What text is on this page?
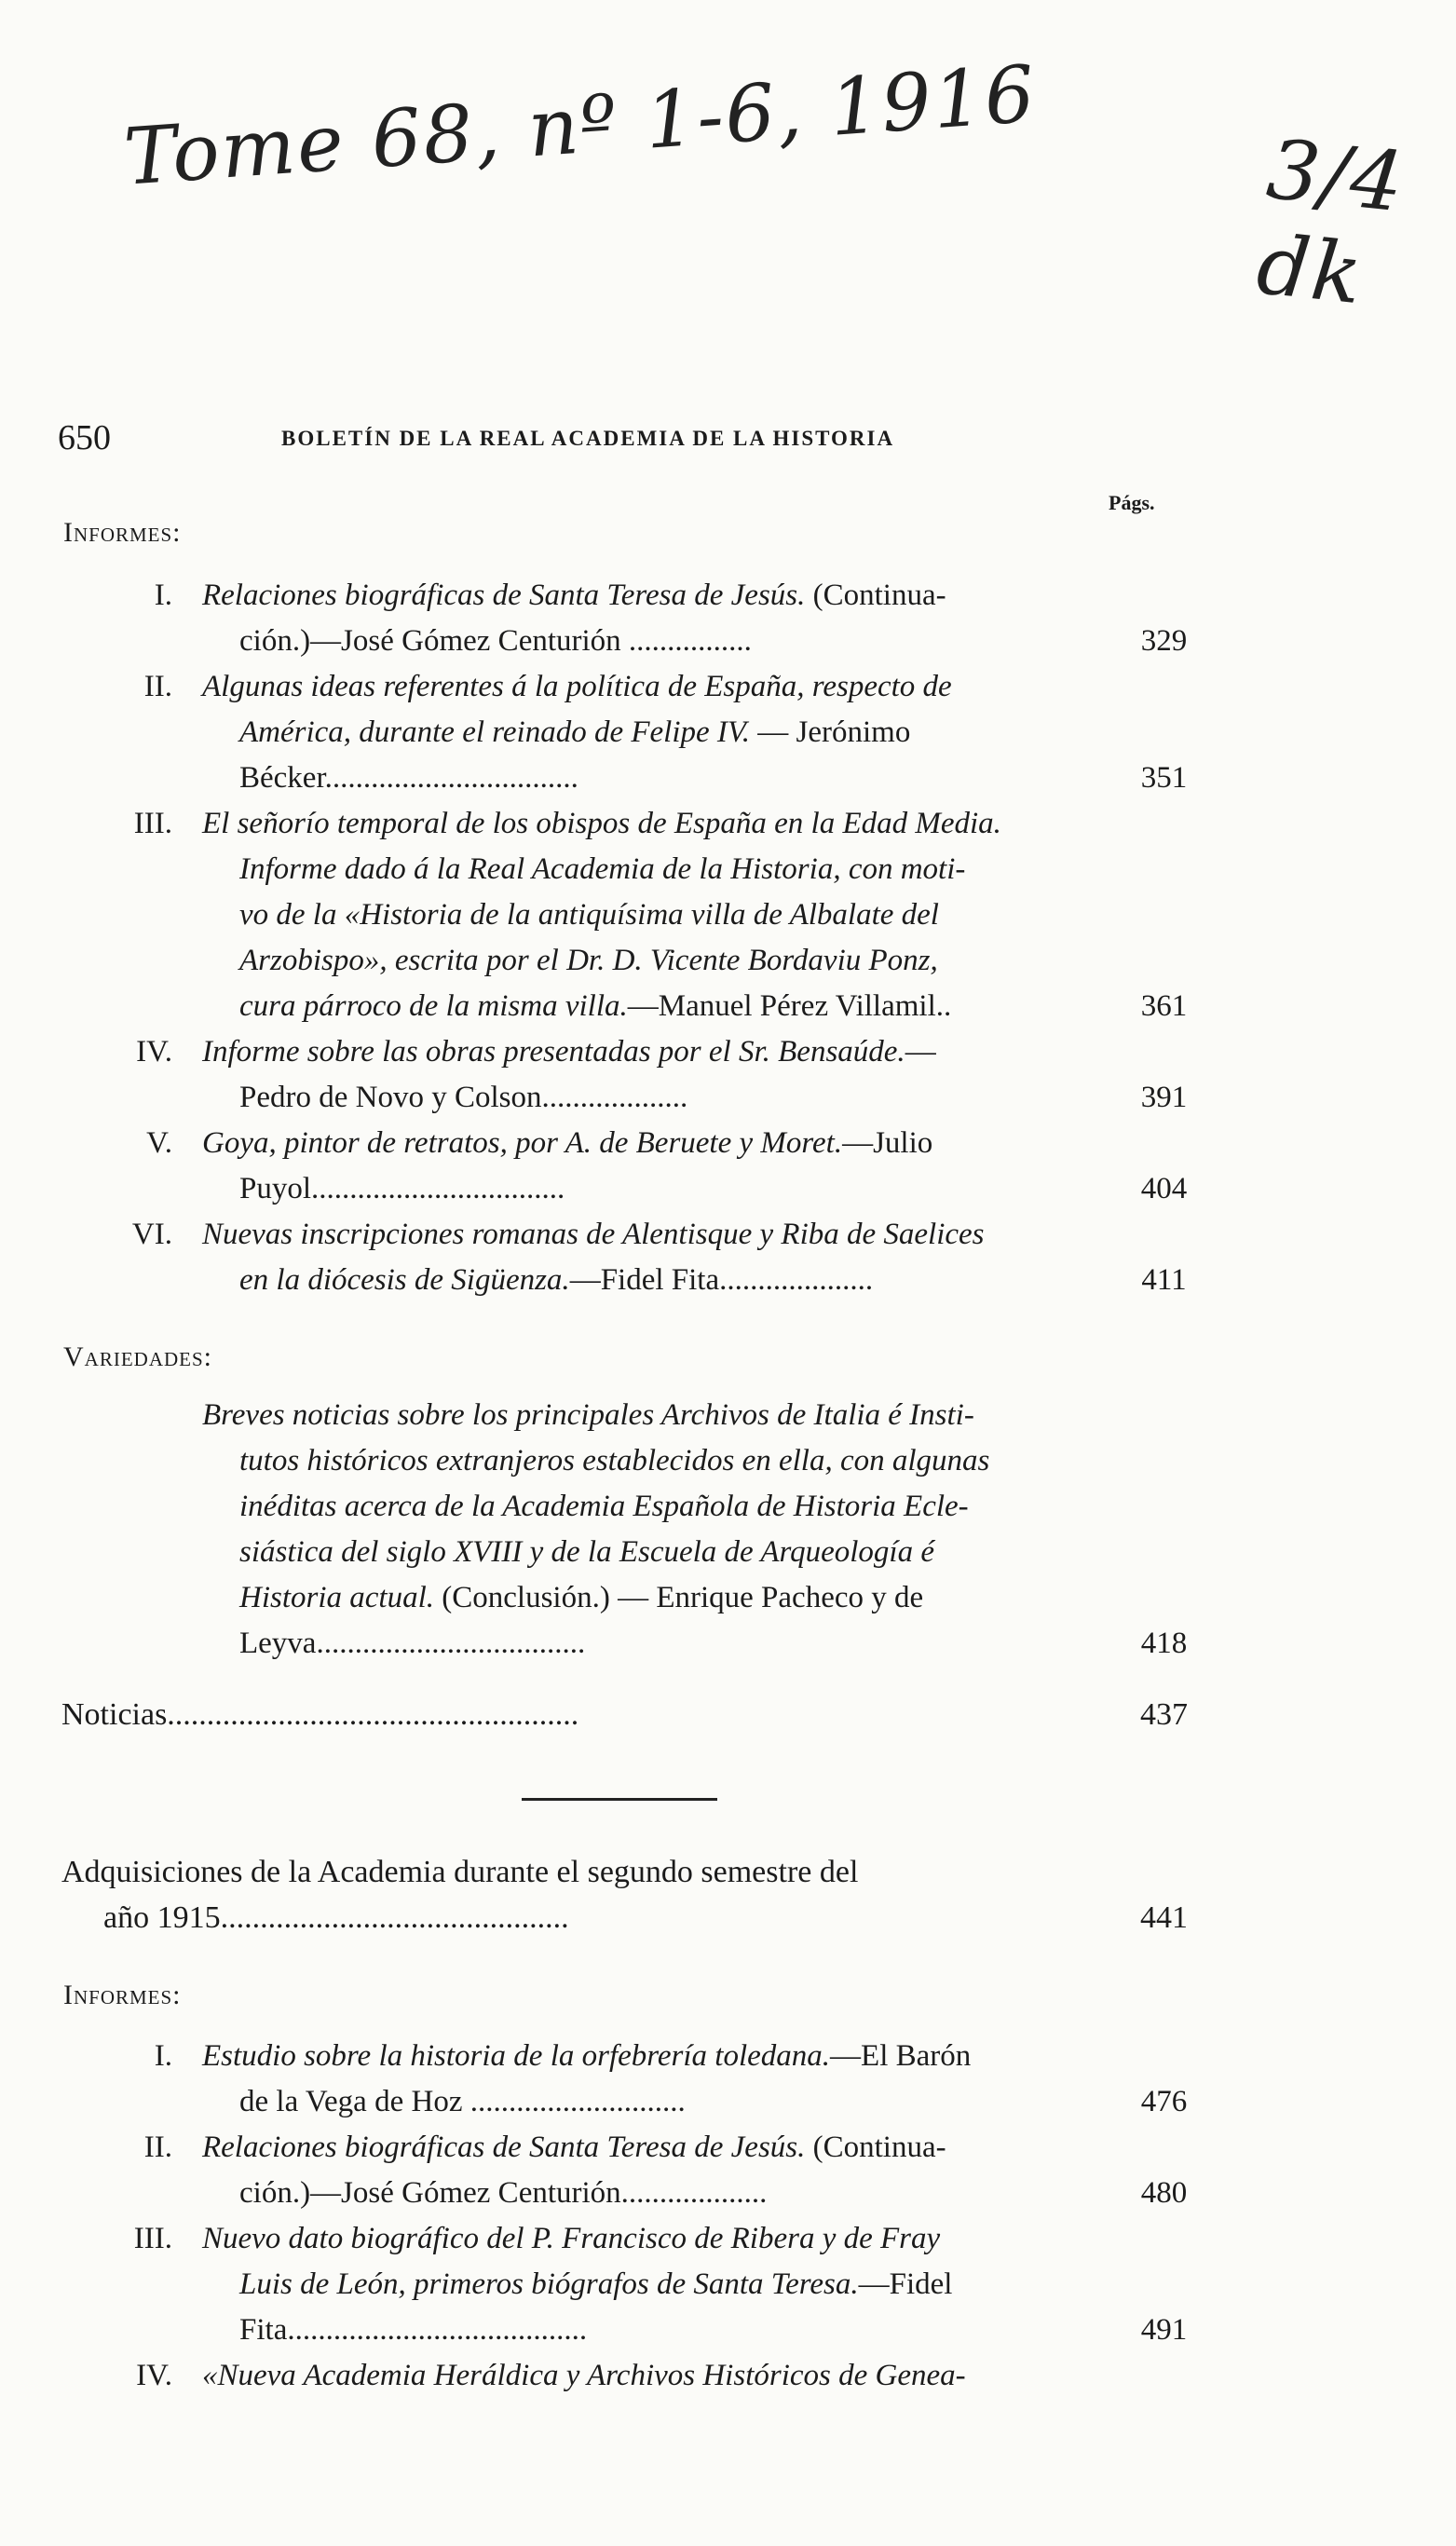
Tome 68, nº 1-6, 1916	3/4 dk
650	BOLETÍN DE LA REAL ACADEMIA DE LA HISTORIA
Págs.
Informes:
I. Relaciones biográficas de Santa Teresa de Jesús. (Continua-
ción.)—José Gómez Centurión ................	329
II. Algunas ideas referentes á la política de España, respecto de
América, durante el reinado de Felipe IV. — Jerónimo
Bécker.................................	351
III. El señorío temporal de los obispos de España en la Edad Media.
Informe dado á la Real Academia de la Historia, con moti-
vo de la «Historia de la antiquísima villa de Albalate del
Arzobispo», escrita por el Dr. D. Vicente Bordaviu Ponz,
cura párroco de la misma villa.—Manuel Pérez Villamil..	361
IV. Informe sobre las obras presentadas por el Sr. Bensaúde.—
Pedro de Novo y Colson...................	391
V. Goya, pintor de retratos, por A. de Beruete y Moret.—Julio
Puyol.................................	404
VI. Nuevas inscripciones romanas de Alentisque y Riba de Saelices
en la diócesis de Sigüenza.—Fidel Fita....................	411
Variedades:
Breves noticias sobre los principales Archivos de Italia é Insti-
tutos históricos extranjeros establecidos en ella, con algunas
inéditas acerca de la Academia Española de Historia Ecle-
siástica del siglo XVIII y de la Escuela de Arqueología é
Historia actual. (Conclusión.) — Enrique Pacheco y de
Leyva...................................	418
Noticias....................................................	437
Adquisiciones de la Academia durante el segundo semestre del
año 1915............................................	441
Informes:
I. Estudio sobre la historia de la orfebrería toledana.—El Barón
de la Vega de Hoz ............................	476
II. Relaciones biográficas de Santa Teresa de Jesús. (Continua-
ción.)—José Gómez Centurión...................	480
III. Nuevo dato biográfico del P. Francisco de Ribera y de Fray
Luis de León, primeros biógrafos de Santa Teresa.—Fidel
Fita.......................................	491
IV. «Nueva Academia Heráldica y Archivos Históricos de Genea-
